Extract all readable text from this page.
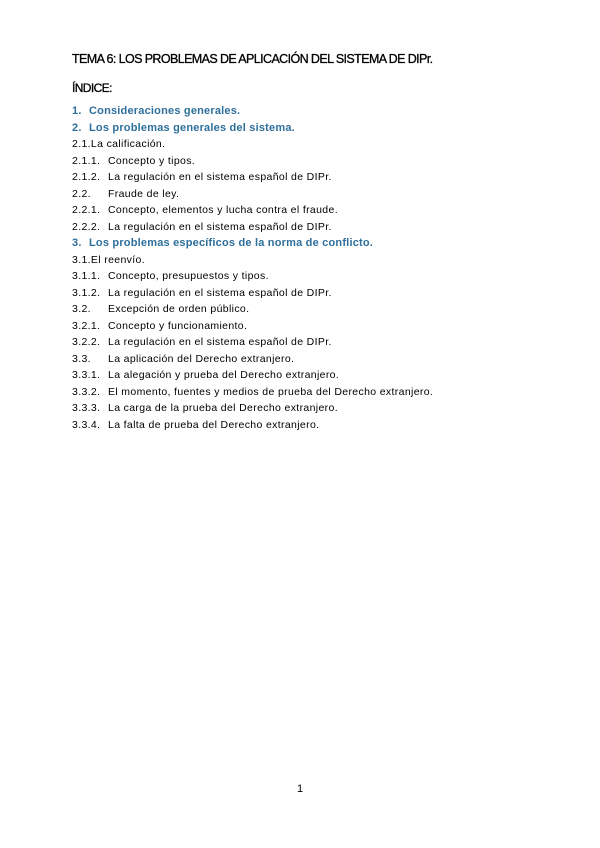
TEMA 6: LOS PROBLEMAS DE APLICACIÓN DEL SISTEMA DE DIPr.
ÍNDICE:
1. Consideraciones generales.
2. Los problemas generales del sistema.
2.1. La calificación.
2.1.1. Concepto y tipos.
2.1.2. La regulación en el sistema español de DIPr.
2.2.	Fraude de ley.
2.2.1. Concepto, elementos y lucha contra el fraude.
2.2.2. La regulación en el sistema español de DIPr.
3. Los problemas específicos de la norma de conflicto.
3.1. El reenvío.
3.1.1. Concepto, presupuestos y tipos.
3.1.2. La regulación en el sistema español de DIPr.
3.2.	Excepción de orden público.
3.2.1. Concepto y funcionamiento.
3.2.2. La regulación en el sistema español de DIPr.
3.3.	La aplicación del Derecho extranjero.
3.3.1. La alegación y prueba del Derecho extranjero.
3.3.2. El momento, fuentes y medios de prueba del Derecho extranjero.
3.3.3. La carga de la prueba del Derecho extranjero.
3.3.4. La falta de prueba del Derecho extranjero.
1
